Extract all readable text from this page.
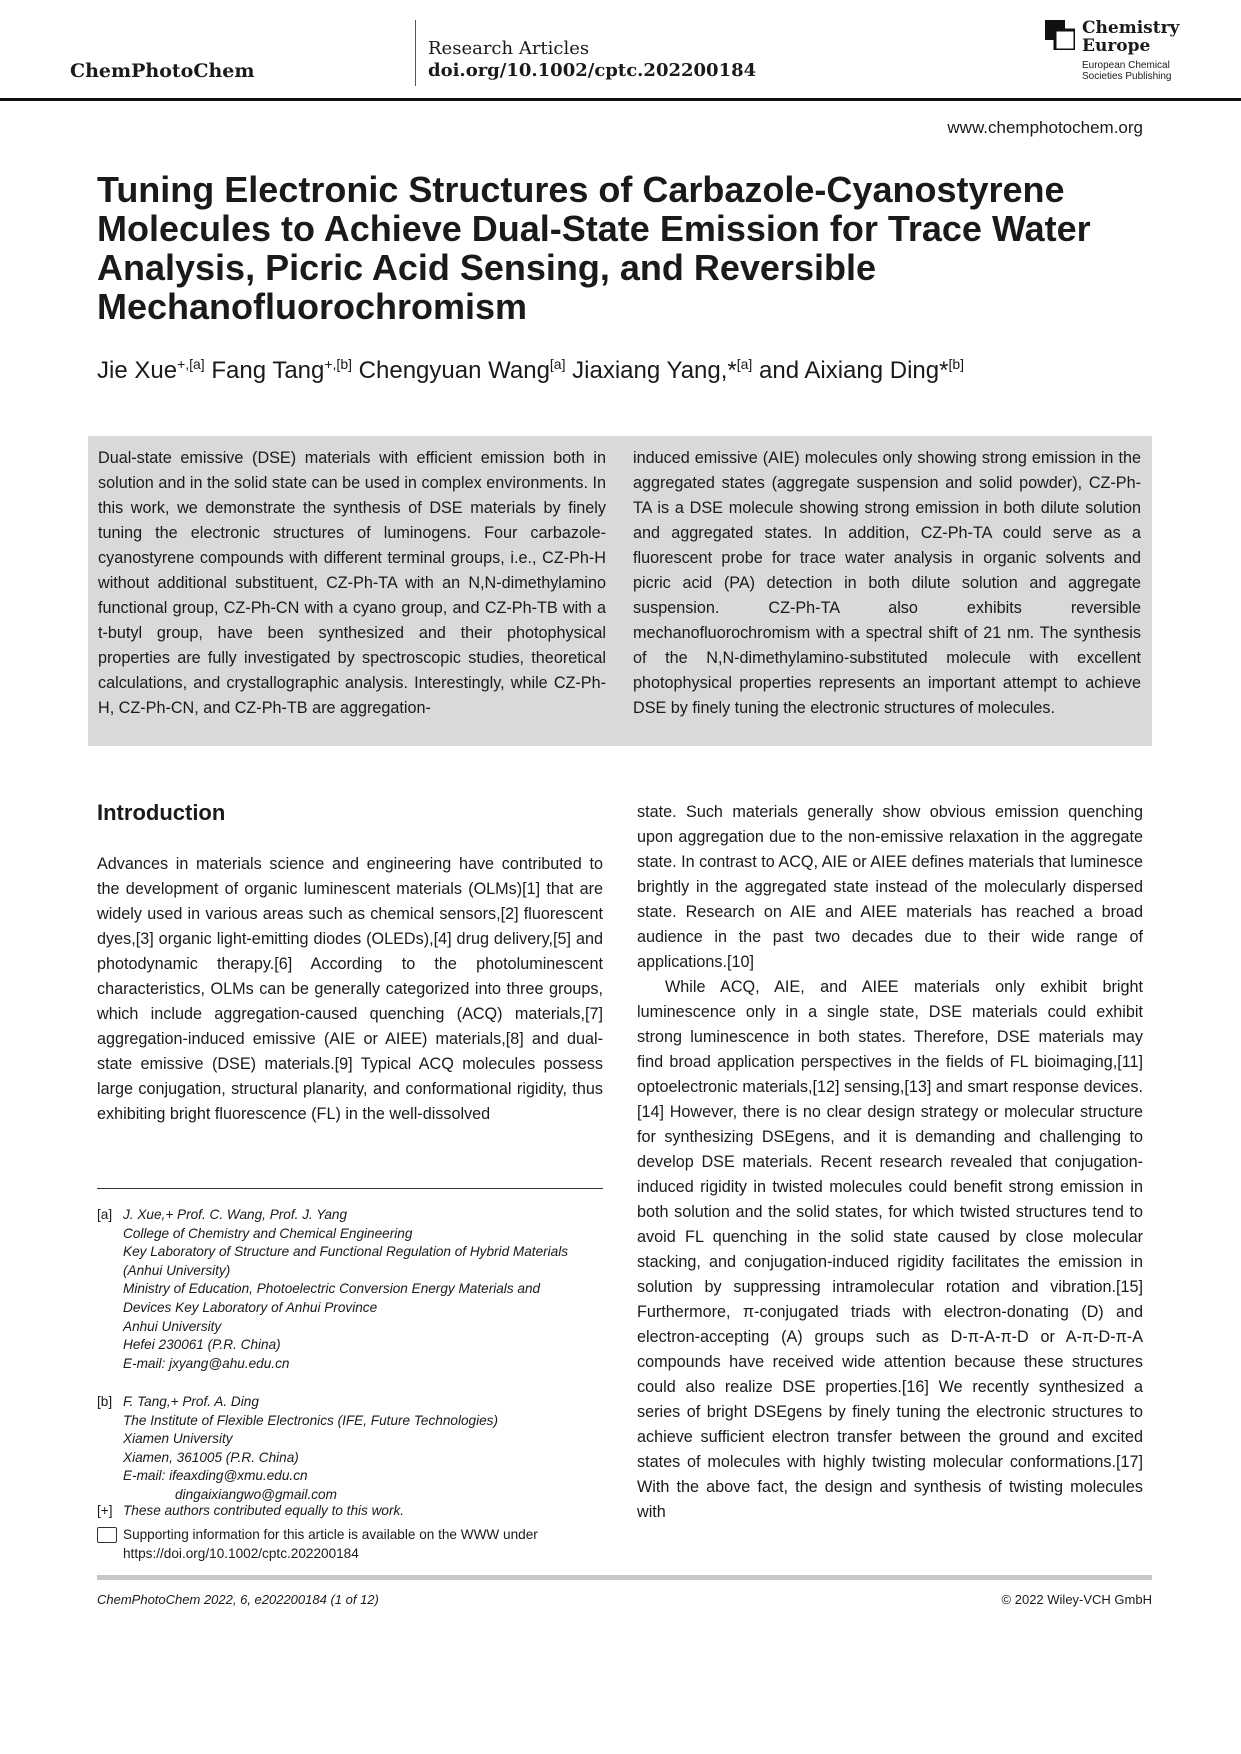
ChemPhotoChem
Research Articles
doi.org/10.1002/cptc.202200184
Chemistry
Europe
European Chemical
Societies Publishing
www.chemphotochem.org
Tuning Electronic Structures of Carbazole-Cyanostyrene Molecules to Achieve Dual-State Emission for Trace Water Analysis, Picric Acid Sensing, and Reversible Mechanofluorochromism
Jie Xue$^{+,[a]}$ Fang Tang$^{+,[b]}$ Chengyuan Wang[a] Jiaxiang Yang,*[a] and Aixiang Ding*[b]
Dual-state emissive (DSE) materials with efficient emission both in solution and in the solid state can be used in complex environments. In this work, we demonstrate the synthesis of DSE materials by finely tuning the electronic structures of luminogens. Four carbazole-cyanostyrene compounds with different terminal groups, i.e., CZ-Ph-H without additional substituent, CZ-Ph-TA with an N,N-dimethylamino functional group, CZ-Ph-CN with a cyano group, and CZ-Ph-TB with a t-butyl group, have been synthesized and their photophysical properties are fully investigated by spectroscopic studies, theoretical calculations, and crystallographic analysis. Interestingly, while CZ-Ph-H, CZ-Ph-CN, and CZ-Ph-TB are aggregation-
induced emissive (AIE) molecules only showing strong emission in the aggregated states (aggregate suspension and solid powder), CZ-Ph-TA is a DSE molecule showing strong emission in both dilute solution and aggregated states. In addition, CZ-Ph-TA could serve as a fluorescent probe for trace water analysis in organic solvents and picric acid (PA) detection in both dilute solution and aggregate suspension. CZ-Ph-TA also exhibits reversible mechanofluorochromism with a spectral shift of 21 nm. The synthesis of the N,N-dimethylamino-substituted molecule with excellent photophysical properties represents an important attempt to achieve DSE by finely tuning the electronic structures of molecules.
Introduction

Advances in materials science and engineering have contributed to the development of organic luminescent materials (OLMs)[1] that are widely used in various areas such as chemical sensors,[2] fluorescent dyes,[3] organic light-emitting diodes (OLEDs),[4] drug delivery,[5] and photodynamic therapy.[6] According to the photoluminescent characteristics, OLMs can be generally categorized into three groups, which include aggregation-caused quenching (ACQ) materials,[7] aggregation-induced emissive (AIE or AIEE) materials,[8] and dual-state emissive (DSE) materials.[9] Typical ACQ molecules possess large conjugation, structural planarity, and conformational rigidity, thus exhibiting bright fluorescence (FL) in the well-dissolved

state. Such materials generally show obvious emission quenching upon aggregation due to the non-emissive relaxation in the aggregate state. In contrast to ACQ, AIE or AIEE defines materials that luminesce brightly in the aggregated state instead of the molecularly dispersed state. Research on AIE and AIEE materials has reached a broad audience in the past two decades due to their wide range of applications.[10]

While ACQ, AIE, and AIEE materials only exhibit bright luminescence only in a single state, DSE materials could exhibit strong luminescence in both states. Therefore, DSE materials may find broad application perspectives in the fields of FL bioimaging,[11] optoelectronic materials,[12] sensing,[13] and smart response devices.[14] However, there is no clear design strategy or molecular structure for synthesizing DSEgens, and it is demanding and challenging to develop DSE materials. Recent research revealed that conjugation-induced rigidity in twisted molecules could benefit strong emission in both solution and the solid states, for which twisted structures tend to avoid FL quenching in the solid state caused by close molecular stacking, and conjugation-induced rigidity facilitates the emission in solution by suppressing intramolecular rotation and vibration.[15] Furthermore, π-conjugated triads with electron-donating (D) and electron-accepting (A) groups such as D-π-A-π-D or A-π-D-π-A compounds have received wide attention because these structures could also realize DSE properties.[16] We recently synthesized a series of bright DSEgens by finely tuning the electronic structures to achieve sufficient electron transfer between the ground and excited states of molecules with highly twisting molecular conformations.[17] With the above fact, the design and synthesis of twisting molecules with

[a] J. Xue,+ Prof. C. Wang, Prof. J. Yang
College of Chemistry and Chemical Engineering
Key Laboratory of Structure and Functional Regulation of Hybrid Materials
(Anhui University)
Ministry of Education, Photoelectric Conversion Energy Materials and
Devices Key Laboratory of Anhui Province
Anhui University
Hefei 230061 (P.R. China)
E-mail: jxyang@ahu.edu.cn
[b] F. Tang,+ Prof. A. Ding
The Institute of Flexible Electronics (IFE, Future Technologies)
Xiamen University
Xiamen, 361005 (P.R. China)
E-mail: ifeaxding@xmu.edu.cn
dingaixiangwo@gmail.com
[+] These authors contributed equally to this work.
Supporting information for this article is available on the WWW under
https://doi.org/10.1002/cptc.202200184
ChemPhotoChem 2022, 6, e202200184 (1 of 12)	© 2022 Wiley-VCH GmbH
